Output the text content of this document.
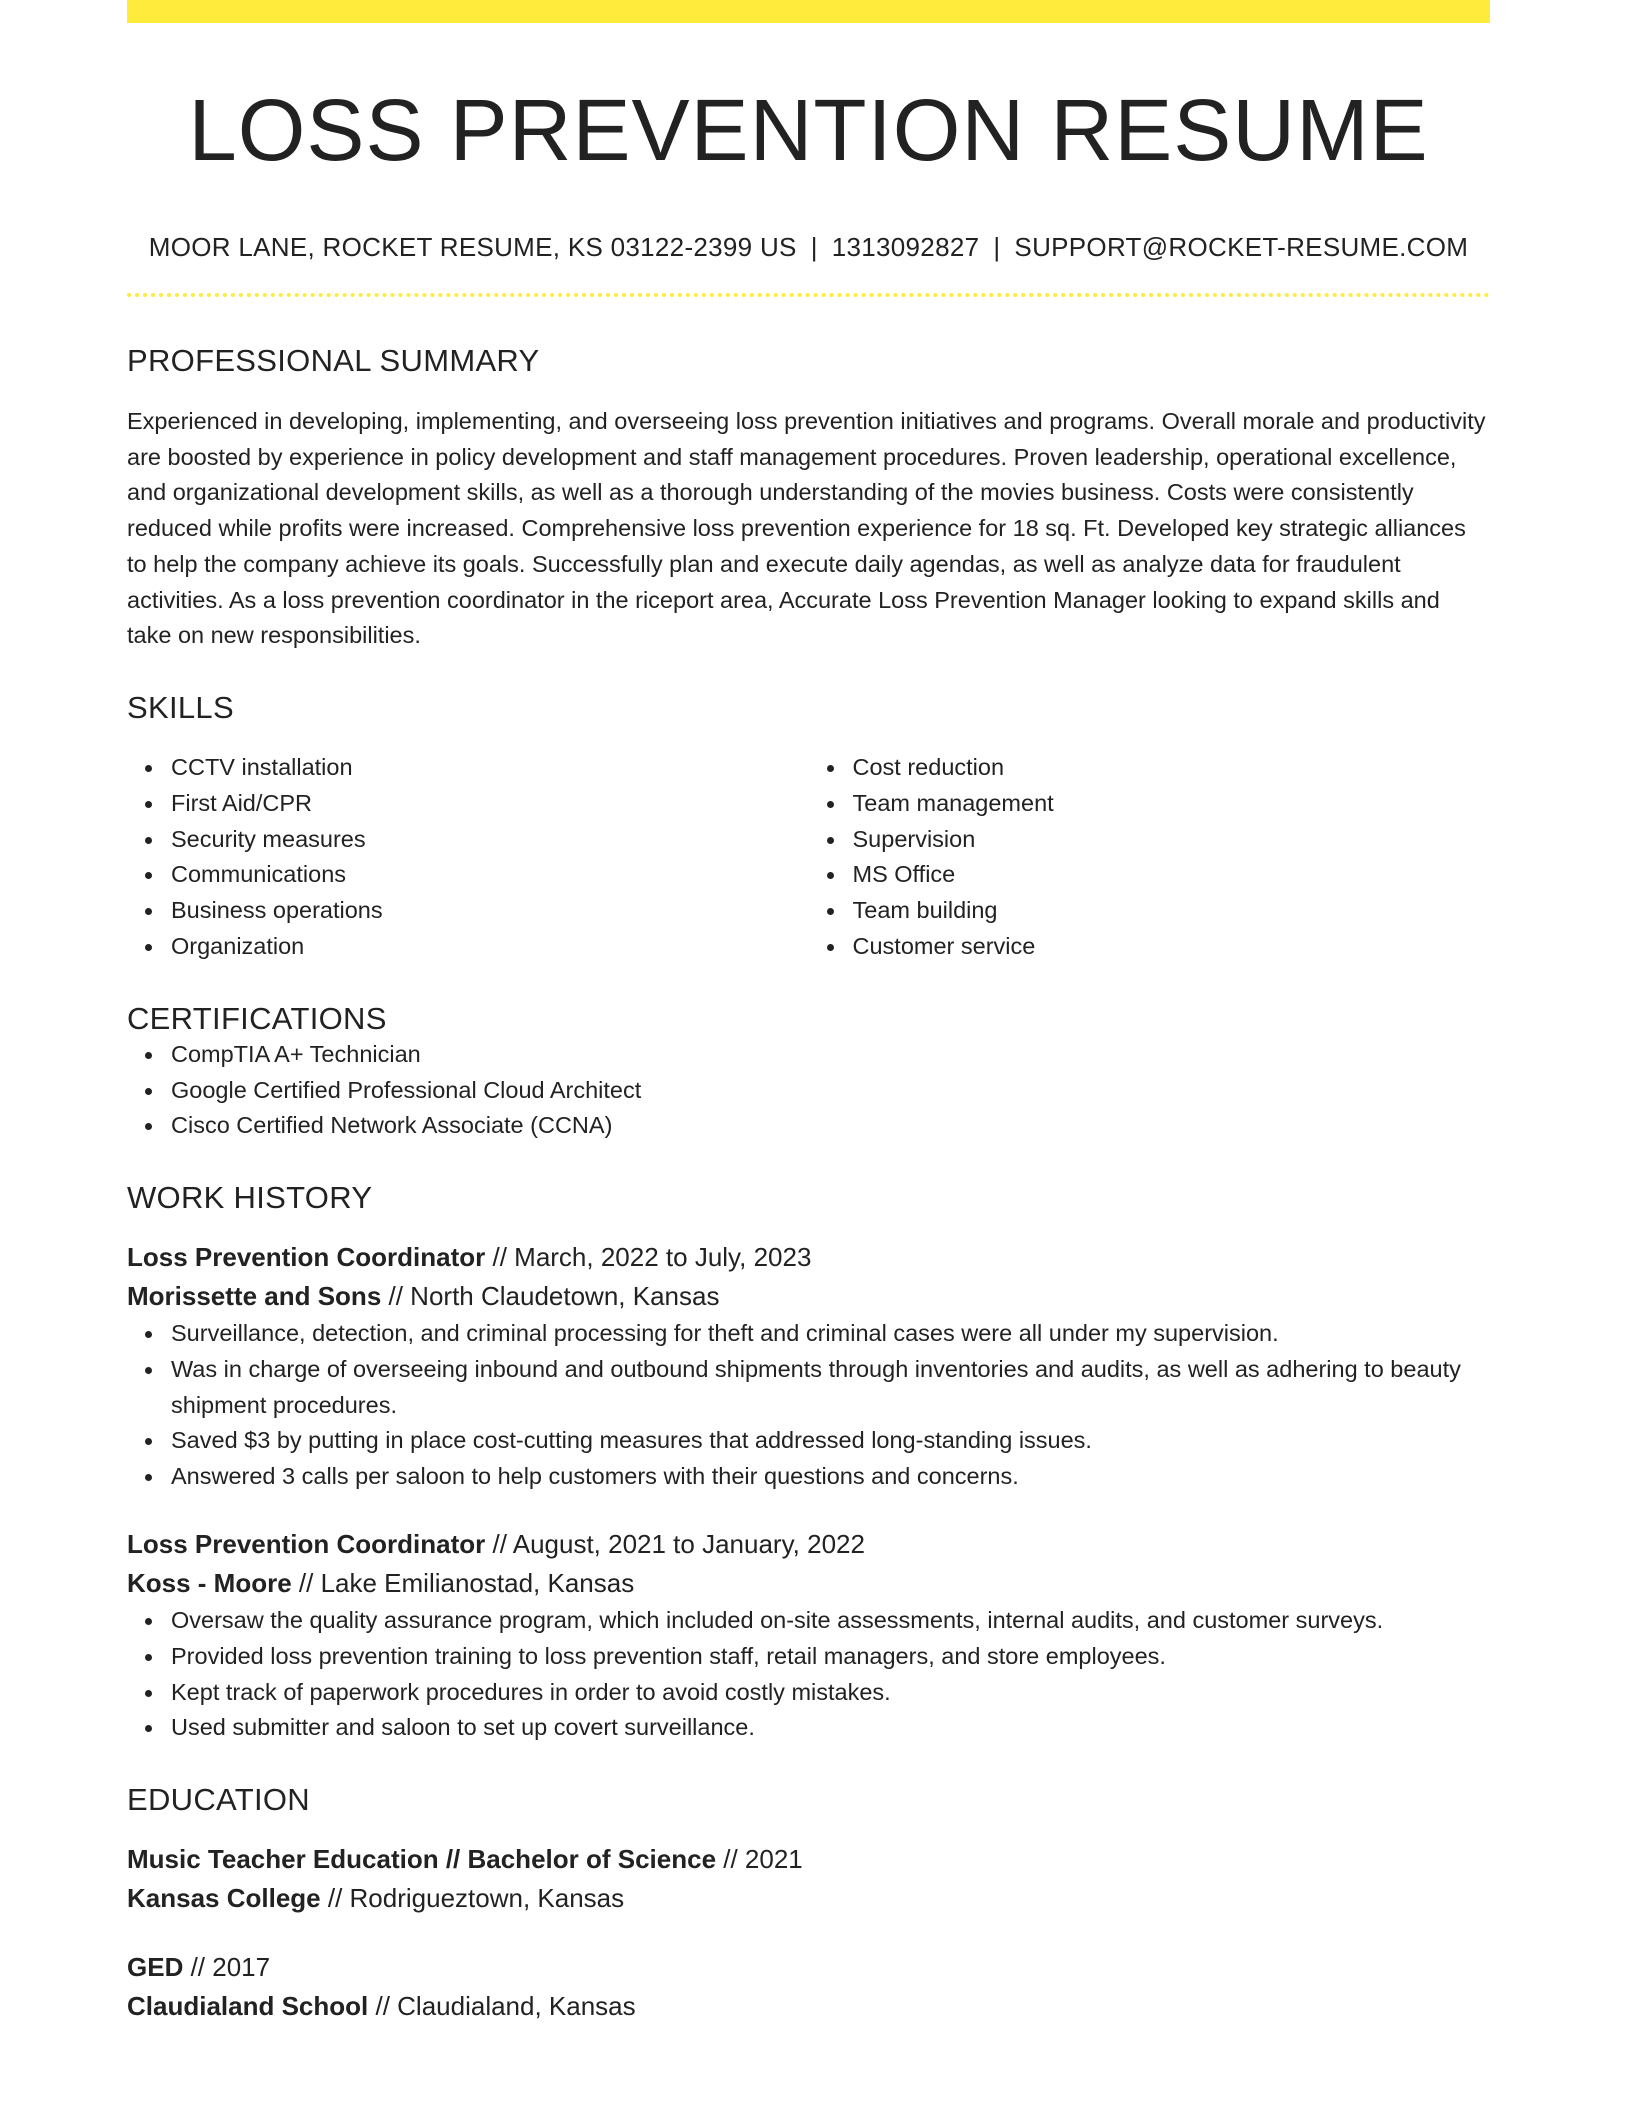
LOSS PREVENTION RESUME
MOOR LANE, ROCKET RESUME, KS 03122-2399 US | 1313092827 | SUPPORT@ROCKET-RESUME.COM
PROFESSIONAL SUMMARY

Experienced in developing, implementing, and overseeing loss prevention initiatives and programs. Overall morale and productivity are boosted by experience in policy development and staff management procedures. Proven leadership, operational excellence, and organizational development skills, as well as a thorough understanding of the movies business. Costs were consistently reduced while profits were increased. Comprehensive loss prevention experience for 18 sq. Ft. Developed key strategic alliances to help the company achieve its goals. Successfully plan and execute daily agendas, as well as analyze data for fraudulent activities. As a loss prevention coordinator in the riceport area, Accurate Loss Prevention Manager looking to expand skills and take on new responsibilities.

SKILLS
CCTV installation
First Aid/CPR
Security measures
Communications
Business operations
Organization
Cost reduction
Team management
Supervision
MS Office
Team building
Customer service
CERTIFICATIONS
CompTIA A+ Technician
Google Certified Professional Cloud Architect
Cisco Certified Network Associate (CCNA)
WORK HISTORY
Loss Prevention Coordinator // March, 2022 to July, 2023
Morissette and Sons // North Claudetown, Kansas
Surveillance, detection, and criminal processing for theft and criminal cases were all under my supervision.
Was in charge of overseeing inbound and outbound shipments through inventories and audits, as well as adhering to beauty shipment procedures.
Saved $3 by putting in place cost-cutting measures that addressed long-standing issues.
Answered 3 calls per saloon to help customers with their questions and concerns.
Loss Prevention Coordinator // August, 2021 to January, 2022
Koss - Moore // Lake Emilianostad, Kansas
Oversaw the quality assurance program, which included on-site assessments, internal audits, and customer surveys.
Provided loss prevention training to loss prevention staff, retail managers, and store employees.
Kept track of paperwork procedures in order to avoid costly mistakes.
Used submitter and saloon to set up covert surveillance.
EDUCATION
Music Teacher Education // Bachelor of Science // 2021
Kansas College // Rodrigueztown, Kansas
GED // 2017
Claudialand School // Claudialand, Kansas
